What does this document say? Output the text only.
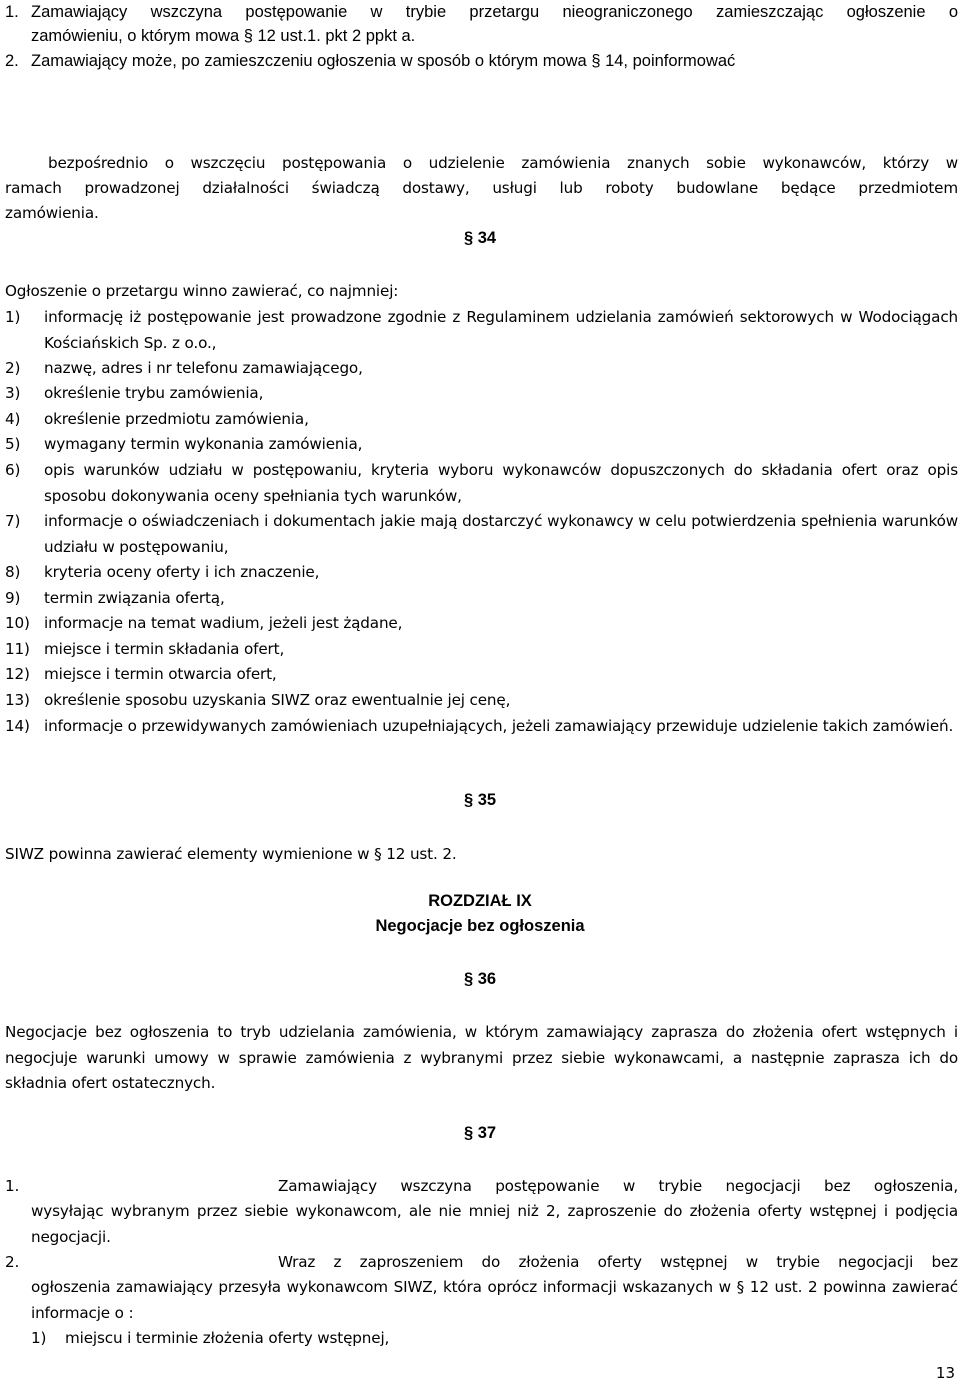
1. Zamawiający wszczyna postępowanie w trybie przetargu nieograniczonego zamieszczając ogłoszenie o
zamówieniu, o którym mowa § 12 ust.1. pkt 2 ppkt a.
2. Zamawiający może, po zamieszczeniu ogłoszenia w sposób o którym mowa § 14, poinformować
bezpośrednio o wszczęciu postępowania o udzielenie zamówienia znanych sobie wykonawców, którzy w
ramach prowadzonej działalności świadczą dostawy, usługi lub roboty budowlane będące przedmiotem
zamówienia.
§ 34
Ogłoszenie o przetargu winno zawierać, co najmniej:
1) informację iż postępowanie jest prowadzone zgodnie z Regulaminem udzielania zamówień sektorowych w Wodociągach Kościańskich Sp. z o.o.,
2) nazwę, adres i nr telefonu zamawiającego,
3) określenie trybu zamówienia,
4) określenie przedmiotu zamówienia,
5) wymagany termin wykonania zamówienia,
6) opis warunków udziału w postępowaniu, kryteria wyboru wykonawców dopuszczonych do składania ofert oraz opis sposobu dokonywania oceny spełniania tych warunków,
7) informacje o oświadczeniach i dokumentach jakie mają dostarczyć wykonawcy w celu potwierdzenia spełnienia warunków udziału w postępowaniu,
8) kryteria oceny oferty i ich znaczenie,
9) termin związania ofertą,
10) informacje na temat wadium, jeżeli jest żądane,
11) miejsce i termin składania ofert,
12) miejsce i termin otwarcia ofert,
13) określenie sposobu uzyskania SIWZ oraz ewentualnie jej cenę,
14) informacje o przewidywanych zamówieniach uzupełniających, jeżeli zamawiający przewiduje udzielenie takich zamówień.
§ 35
SIWZ powinna zawierać elementy wymienione w § 12 ust. 2.
ROZDZIAŁ IX
Negocjacje bez ogłoszenia
§ 36
Negocjacje bez ogłoszenia to tryb udzielania zamówienia, w którym zamawiający zaprasza do złożenia ofert wstępnych i negocjuje warunki umowy w sprawie zamówienia z wybranymi przez siebie wykonawcami, a następnie zaprasza ich do składnia ofert ostatecznych.
§ 37
1.	Zamawiający wszczyna postępowanie w trybie negocjacji bez ogłoszenia,
wysyłając wybranym przez siebie wykonawcom, ale nie mniej niż 2, zaproszenie do złożenia oferty wstępnej i podjęcia negocjacji.
2.	Wraz z zaproszeniem do złożenia oferty wstępnej w trybie negocjacji bez
ogłoszenia zamawiający przesyła wykonawcom SIWZ, która oprócz informacji wskazanych w § 12 ust. 2 powinna zawierać informacje o :
1) miejscu i terminie złożenia oferty wstępnej,
13
